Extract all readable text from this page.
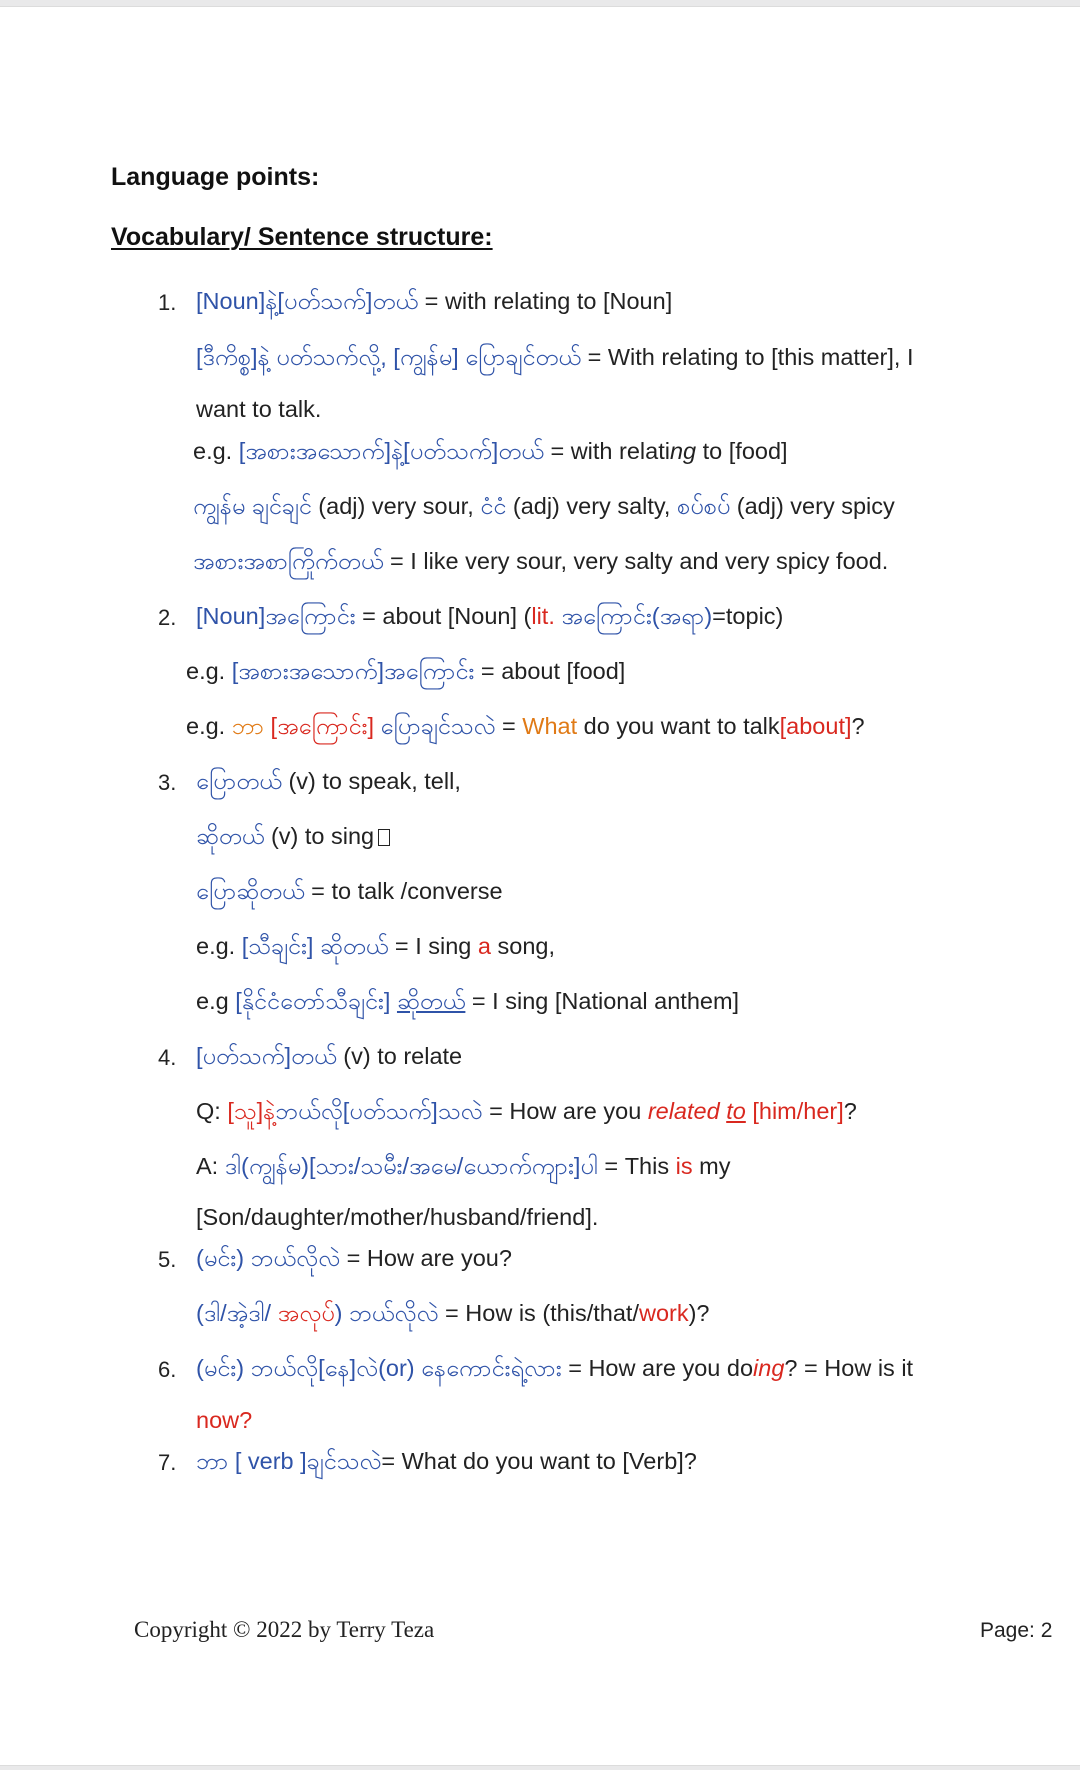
Language points:
Vocabulary/ Sentence structure:
1. [Noun]နဲ့[ပတ်သက်]တယ် = with relating to [Noun]
[ဒီကိစ္စ]နဲ့ ပတ်သက်လို့, [ကျွန်မ] ပြောချင်တယ် = With relating to [this matter], I
want to talk.
e.g. [အစားအသောက်]နဲ့[ပတ်သက်]တယ် = with relating to [food]
ကျွန်မ ချင်ချင် (adj) very sour, ငံငံ (adj) very salty, စပ်စပ် (adj) very spicy
အစားအစာကြိုက်တယ် = I like very sour, very salty and very spicy food.
2. [Noun]အကြောင်း = about [Noun] (lit. အကြောင်း(အရာ)=topic)
e.g. [အစားအသောက်]အကြောင်း = about [food]
e.g. ဘာ [အကြောင်း] ပြောချင်သလဲ = What do you want to talk[about]?
3. ပြောတယ် (v) to speak, tell,
ဆိုတယ် (v) to sing
ပြောဆိုတယ် = to talk /converse
e.g. [သီချင်း] ဆိုတယ် = I sing a song,
e.g [နိုင်ငံတော်သီချင်း] ဆိုတယ် = I sing [National anthem]
4. [ပတ်သက်]တယ် (v) to relate
Q: [သူ]နဲ့ဘယ်လို[ပတ်သက်]သလဲ = How are you related to [him/her]?
A: ဒါ(ကျွန်မ)[သား/သမီး/အမေ/ယောက်ကျား]ပါ = This is my
[Son/daughter/mother/husband/friend].
5. (မင်း) ဘယ်လိုလဲ = How are you?
(ဒါ/အဲ့ဒါ/ အလုပ်) ဘယ်လိုလဲ = How is (this/that/work)?
6. (မင်း) ဘယ်လို[နေ]လဲ(or) နေကောင်းရဲ့လား = How are you doing? = How is it
now?
7. ဘာ [ verb ]ချင်သလဲ= What do you want to [Verb]?
Copyright © 2022 by Terry Teza	Page: 2
